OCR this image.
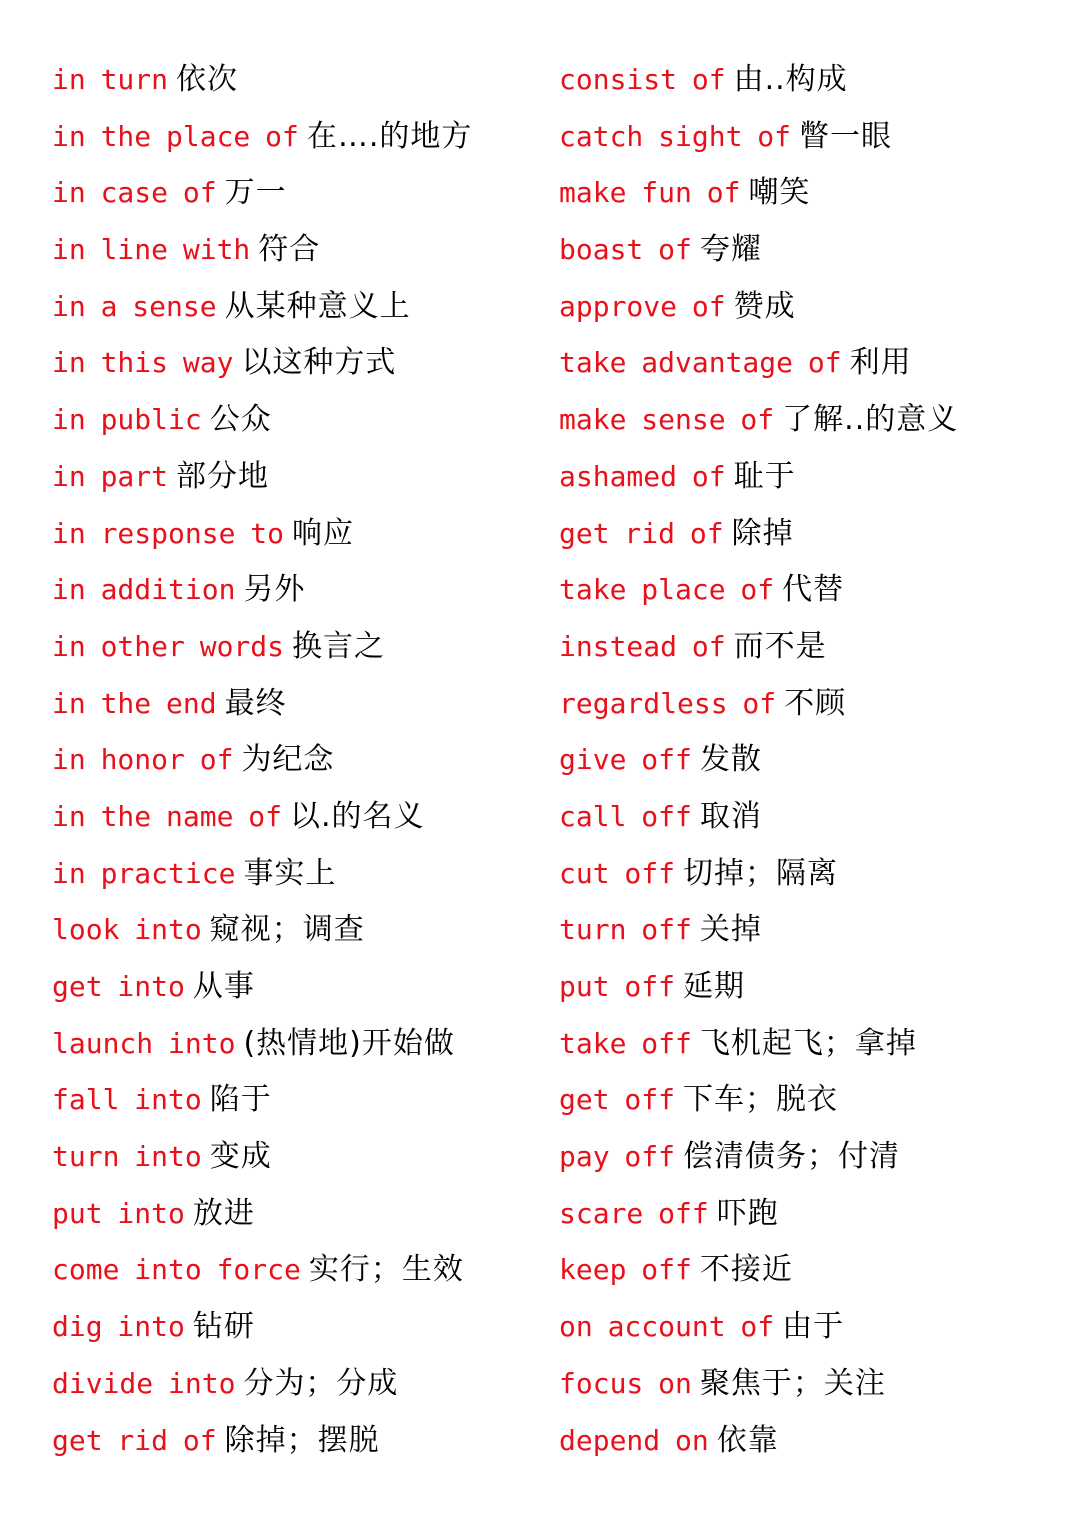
in turn 依次
in the place of 在….的地方
in case of 万一
in line with 符合
in a sense 从某种意义上
in this way 以这种方式
in public 公众
in part 部分地
in response to 响应
in addition 另外
in other words 换言之
in the end 最终
in honor of 为纪念
in the name of 以.的名义
in practice 事实上
look into 窥视；调查
get into 从事
launch into (热情地)开始做
fall into 陷于
turn into 变成
put into 放进
come into force 实行；生效
dig into 钻研
divide into 分为；分成
get rid of 除掉；摆脱
consist of 由..构成
catch sight of 瞥一眼
make fun of 嘲笑
boast of 夸耀
approve of 赞成
take advantage of 利用
make sense of 了解..的意义
ashamed of 耻于
get rid of 除掉
take place of 代替
instead of 而不是
regardless of 不顾
give off 发散
call off 取消
cut off 切掉；隔离
turn off 关掉
put off 延期
take off 飞机起飞；拿掉
get off 下车；脱衣
pay off 偿清债务；付清
scare off 吓跑
keep off 不接近
on account of 由于
focus on 聚焦于；关注
depend on 依靠
